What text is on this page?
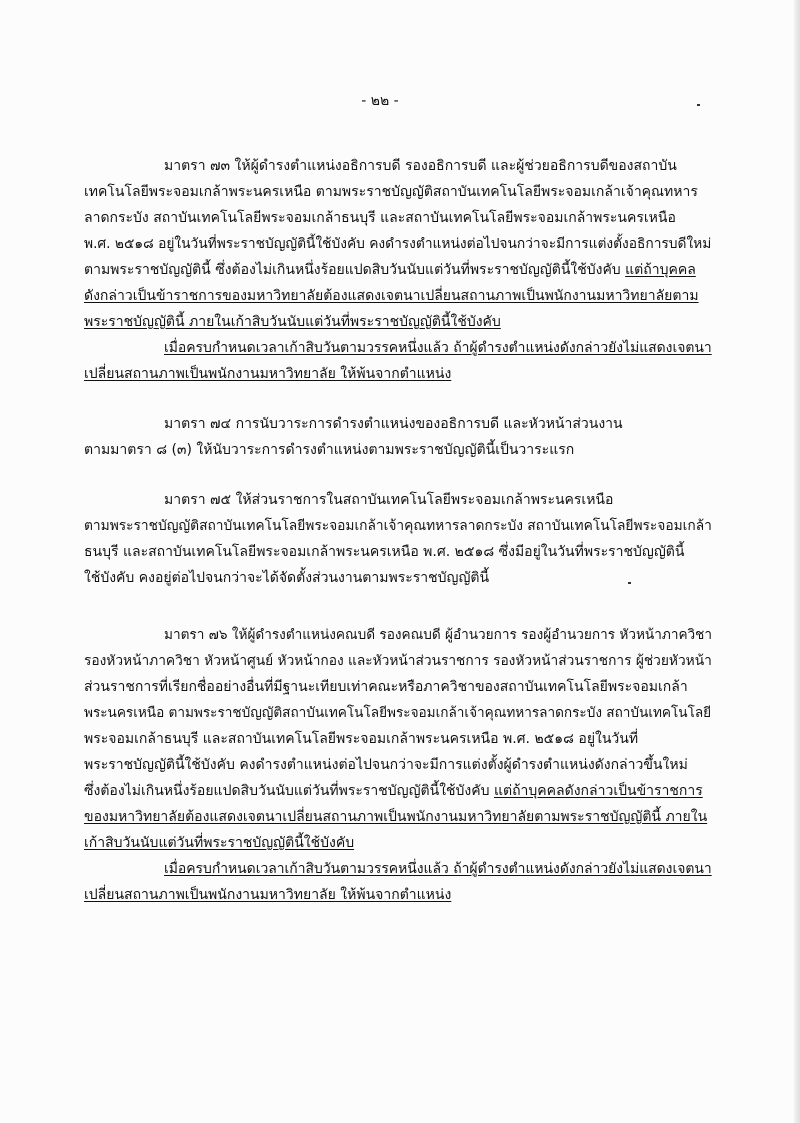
- ๒๒ -
มาตรา ๗๓ ให้ผู้ดำรงตำแหน่งอธิการบดี รองอธิการบดี และผู้ช่วยอธิการบดีของสถาบัน
เทคโนโลยีพระจอมเกล้าพระนครเหนือ ตามพระราชบัญญัติสถาบันเทคโนโลยีพระจอมเกล้าเจ้าคุณทหาร
ลาดกระบัง สถาบันเทคโนโลยีพระจอมเกล้าธนบุรี และสถาบันเทคโนโลยีพระจอมเกล้าพระนครเหนือ
พ.ศ. ๒๕๑๘ อยู่ในวันที่พระราชบัญญัตินี้ใช้บังคับ คงดำรงตำแหน่งต่อไปจนกว่าจะมีการแต่งตั้งอธิการบดีใหม่
ตามพระราชบัญญัตินี้ ซึ่งต้องไม่เกินหนึ่งร้อยแปดสิบวันนับแต่วันที่พระราชบัญญัตินี้ใช้บังคับ แต่ถ้าบุคคล
ดังกล่าวเป็นข้าราชการของมหาวิทยาลัยต้องแสดงเจตนาเปลี่ยนสถานภาพเป็นพนักงานมหาวิทยาลัยตาม
พระราชบัญญัตินี้ ภายในเก้าสิบวันนับแต่วันที่พระราชบัญญัตินี้ใช้บังคับ
เมื่อครบกำหนดเวลาเก้าสิบวันตามวรรคหนึ่งแล้ว ถ้าผู้ดำรงตำแหน่งดังกล่าวยังไม่แสดงเจตนา
เปลี่ยนสถานภาพเป็นพนักงานมหาวิทยาลัย ให้พ้นจากตำแหน่ง
มาตรา ๗๔ การนับวาระการดำรงตำแหน่งของอธิการบดี และหัวหน้าส่วนงาน
ตามมาตรา ๘ (๓) ให้นับวาระการดำรงตำแหน่งตามพระราชบัญญัตินี้เป็นวาระแรก
มาตรา ๗๕ ให้ส่วนราชการในสถาบันเทคโนโลยีพระจอมเกล้าพระนครเหนือ
ตามพระราชบัญญัติสถาบันเทคโนโลยีพระจอมเกล้าเจ้าคุณทหารลาดกระบัง สถาบันเทคโนโลยีพระจอมเกล้า
ธนบุรี และสถาบันเทคโนโลยีพระจอมเกล้าพระนครเหนือ พ.ศ. ๒๕๑๘ ซึ่งมีอยู่ในวันที่พระราชบัญญัตินี้
ใช้บังคับ คงอยู่ต่อไปจนกว่าจะได้จัดตั้งส่วนงานตามพระราชบัญญัตินี้
มาตรา ๗๖ ให้ผู้ดำรงตำแหน่งคณบดี รองคณบดี ผู้อำนวยการ รองผู้อำนวยการ หัวหน้าภาควิชา
รองหัวหน้าภาควิชา หัวหน้าศูนย์ หัวหน้ากอง และหัวหน้าส่วนราชการ รองหัวหน้าส่วนราชการ ผู้ช่วยหัวหน้า
ส่วนราชการที่เรียกชื่ออย่างอื่นที่มีฐานะเทียบเท่าคณะหรือภาควิชาของสถาบันเทคโนโลยีพระจอมเกล้า
พระนครเหนือ ตามพระราชบัญญัติสถาบันเทคโนโลยีพระจอมเกล้าเจ้าคุณทหารลาดกระบัง สถาบันเทคโนโลยี
พระจอมเกล้าธนบุรี และสถาบันเทคโนโลยีพระจอมเกล้าพระนครเหนือ พ.ศ. ๒๕๑๘ อยู่ในวันที่
พระราชบัญญัตินี้ใช้บังคับ คงดำรงตำแหน่งต่อไปจนกว่าจะมีการแต่งตั้งผู้ดำรงตำแหน่งดังกล่าวขึ้นใหม่
ซึ่งต้องไม่เกินหนึ่งร้อยแปดสิบวันนับแต่วันที่พระราชบัญญัตินี้ใช้บังคับ แต่ถ้าบุคคลดังกล่าวเป็นข้าราชการ
ของมหาวิทยาลัยต้องแสดงเจตนาเปลี่ยนสถานภาพเป็นพนักงานมหาวิทยาลัยตามพระราชบัญญัตินี้ ภายใน
เก้าสิบวันนับแต่วันที่พระราชบัญญัตินี้ใช้บังคับ
เมื่อครบกำหนดเวลาเก้าสิบวันตามวรรคหนึ่งแล้ว ถ้าผู้ดำรงตำแหน่งดังกล่าวยังไม่แสดงเจตนา
เปลี่ยนสถานภาพเป็นพนักงานมหาวิทยาลัย ให้พ้นจากตำแหน่ง
